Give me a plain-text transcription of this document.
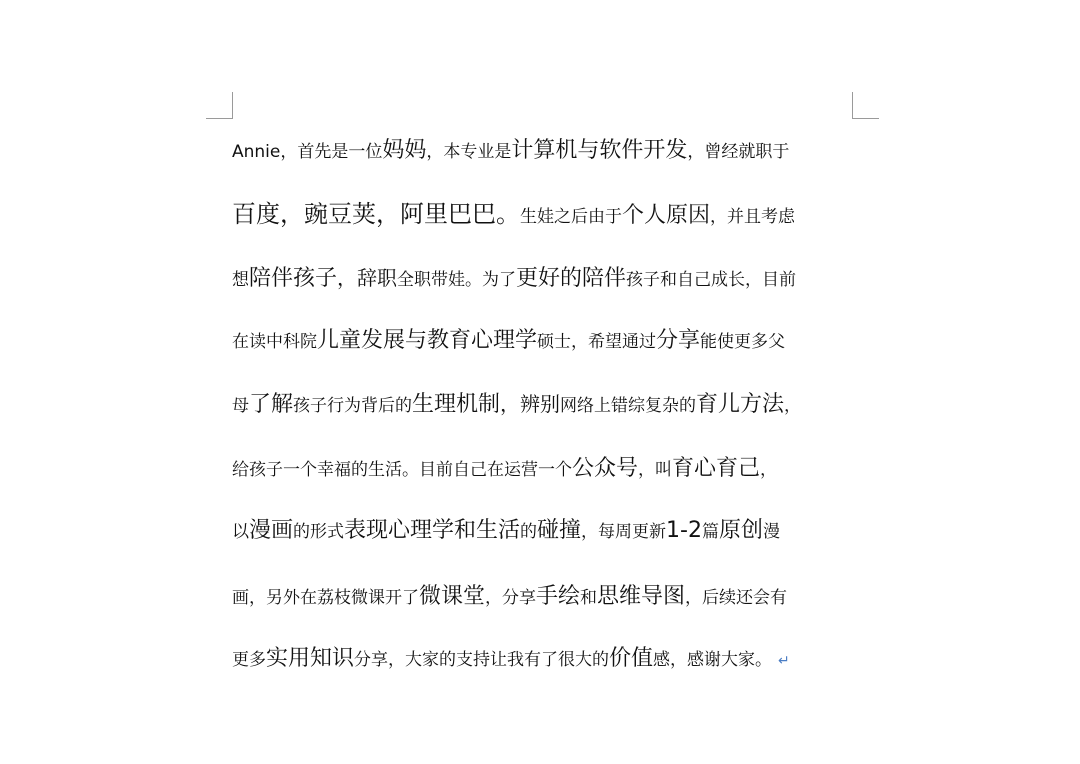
Annie，首先是一位妈妈，本专业是计算机与软件开发，曾经就职于
百度，豌豆荚，阿里巴巴。生娃之后由于个人原因，并且考虑
想陪伴孩子，辞职全职带娃。为了更好的陪伴孩子和自己成长，目前
在读中科院儿童发展与教育心理学硕士，希望通过分享能使更多父
母了解孩子行为背后的生理机制，辨别网络上错综复杂的育儿方法，
给孩子一个幸福的生活。目前自己在运营一个公众号，叫育心育己，
以漫画的形式表现心理学和生活的碰撞，每周更新1-2篇原创漫
画，另外在荔枝微课开了微课堂，分享手绘和思维导图，后续还会有
更多实用知识分享，大家的支持让我有了很大的价值感，感谢大家。 ↵
